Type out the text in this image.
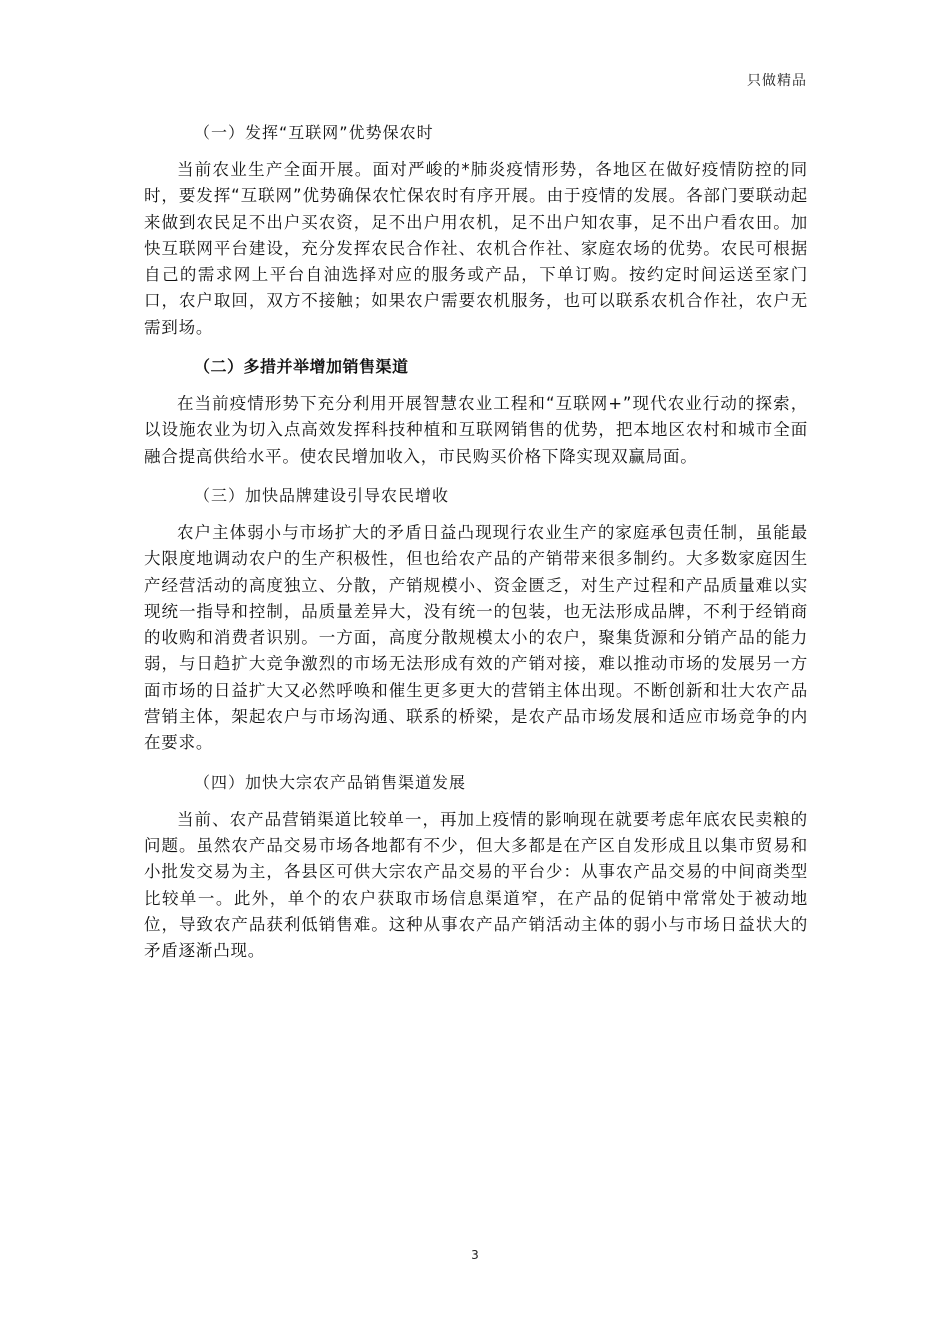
只做精品

（一）发挥“互联网”优势保农时

当前农业生产全面开展。面对严峻的*肺炎疫情形势，各地区在做好疫情防控的同时，要发挥“互联网”优势确保农忙保农时有序开展。由于疫情的发展。各部门要联动起来做到农民足不出户买农资，足不出户用农机，足不出户知农事，足不出户看农田。加快互联网平台建设，充分发挥农民合作社、农机合作社、家庭农场的优势。农民可根据自己的需求网上平台自油选择对应的服务或产品，下单订购。按约定时间运送至家门口，农户取回，双方不接触；如果农户需要农机服务，也可以联系农机合作社，农户无需到场。

（二）多措并举增加销售渠道

在当前疫情形势下充分利用开展智慧农业工程和“互联网+”现代农业行动的探索，以设施农业为切入点高效发挥科技种植和互联网销售的优势，把本地区农村和城市全面融合提高供给水平。使农民增加收入，市民购买价格下降实现双赢局面。

（三）加快品牌建设引导农民增收

农户主体弱小与市场扩大的矛盾日益凸现现行农业生产的家庭承包责任制，虽能最大限度地调动农户的生产积极性，但也给农产品的产销带来很多制约。大多数家庭因生产经营活动的高度独立、分散，产销规模小、资金匮乏，对生产过程和产品质量难以实现统一指导和控制，品质量差异大，没有统一的包装，也无法形成品牌，不利于经销商的收购和消费者识别。一方面，高度分散规模太小的农户，聚集货源和分销产品的能力弱，与日趋扩大竞争激烈的市场无法形成有效的产销对接，难以推动市场的发展另一方面市场的日益扩大又必然呼唤和催生更多更大的营销主体出现。不断创新和壮大农产品营销主体，架起农户与市场沟通、联系的桥梁，是农产品市场发展和适应市场竞争的内在要求。

（四）加快大宗农产品销售渠道发展

当前、农产品营销渠道比较单一，再加上疫情的影响现在就要考虑年底农民卖粮的问题。虽然农产品交易市场各地都有不少，但大多都是在产区自发形成且以集市贸易和小批发交易为主，各县区可供大宗农产品交易的平台少：从事农产品交易的中间商类型比较单一。此外，单个的农户获取市场信息渠道窄，在产品的促销中常常处于被动地位，导致农产品获利低销售难。这种从事农产品产销活动主体的弱小与市场日益状大的矛盾逐渐凸现。

3
